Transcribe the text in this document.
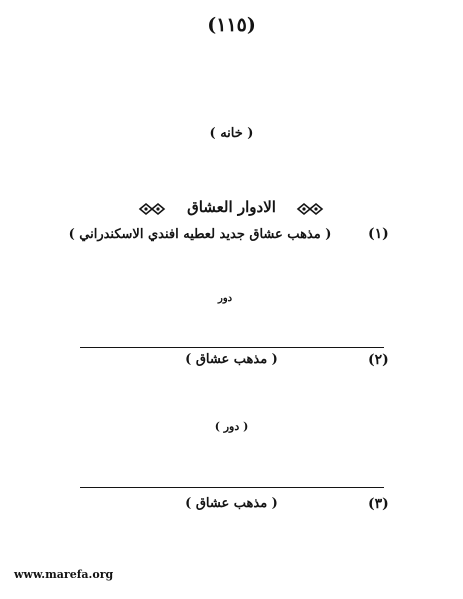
(١١٥)
( خانه )
الادوار العشاق
(١)
( مذهب عشاق جديد لعطيه افندي الاسكندراني )
دور
(٢)
( مذهب عشاق )
( دور )
(٣)
( مذهب عشاق )
www.marefa.org
